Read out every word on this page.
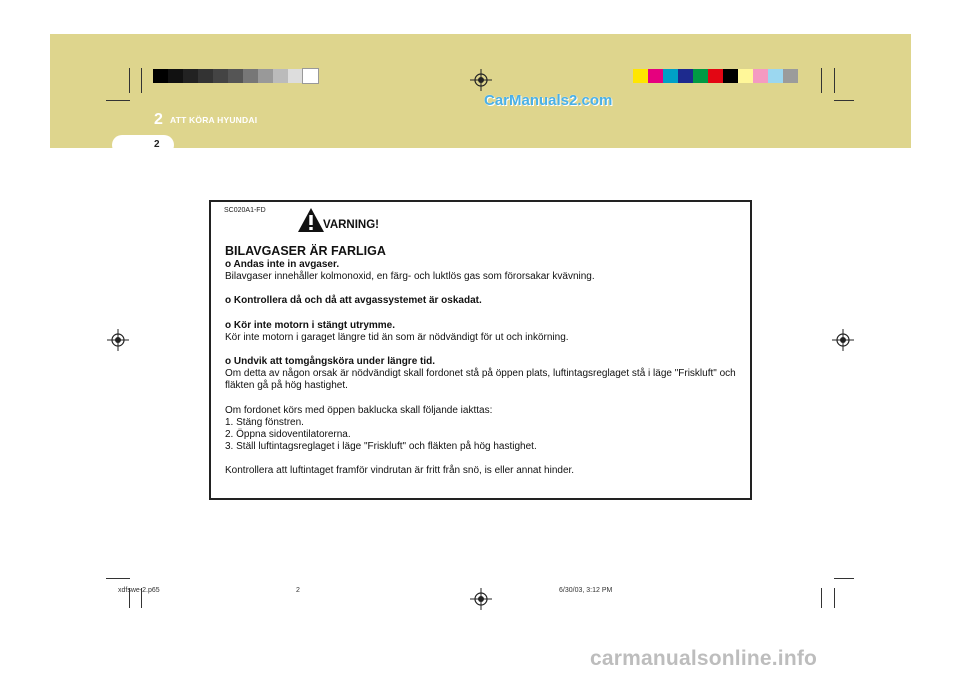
CarManuals2.com
2 ATT KÖRA HYUNDAI
2
SC020A1-FD
VARNING!
BILAVGASER ÄR FARLIGA
o Andas inte in avgaser.
Bilavgaser innehåller kolmonoxid, en färg- och luktlös gas som förorsakar kvävning.
o Kontrollera då och då att avgassystemet är oskadat.
o Kör inte motorn i stängt utrymme.
Kör inte motorn i garaget längre tid än som är nödvändigt för ut och inkörning.
o Undvik att tomgångsköra under längre tid.
Om detta av någon orsak är nödvändigt skall fordonet stå på öppen plats, luftintagsreglaget stå i läge "Friskluft" och fläkten gå på hög hastighet.
Om fordonet körs med öppen baklucka skall följande iakttas:
1. Stäng fönstren.
2. Öppna sidoventilatorerna.
3. Ställ luftintagsreglaget i läge "Friskluft" och fläkten på hög hastighet.
Kontrollera att luftintaget framför vindrutan är fritt från snö, is eller annat hinder.
xdfswe-2.p65	2	6/30/03, 3:12 PM
carmanualsonline.info
